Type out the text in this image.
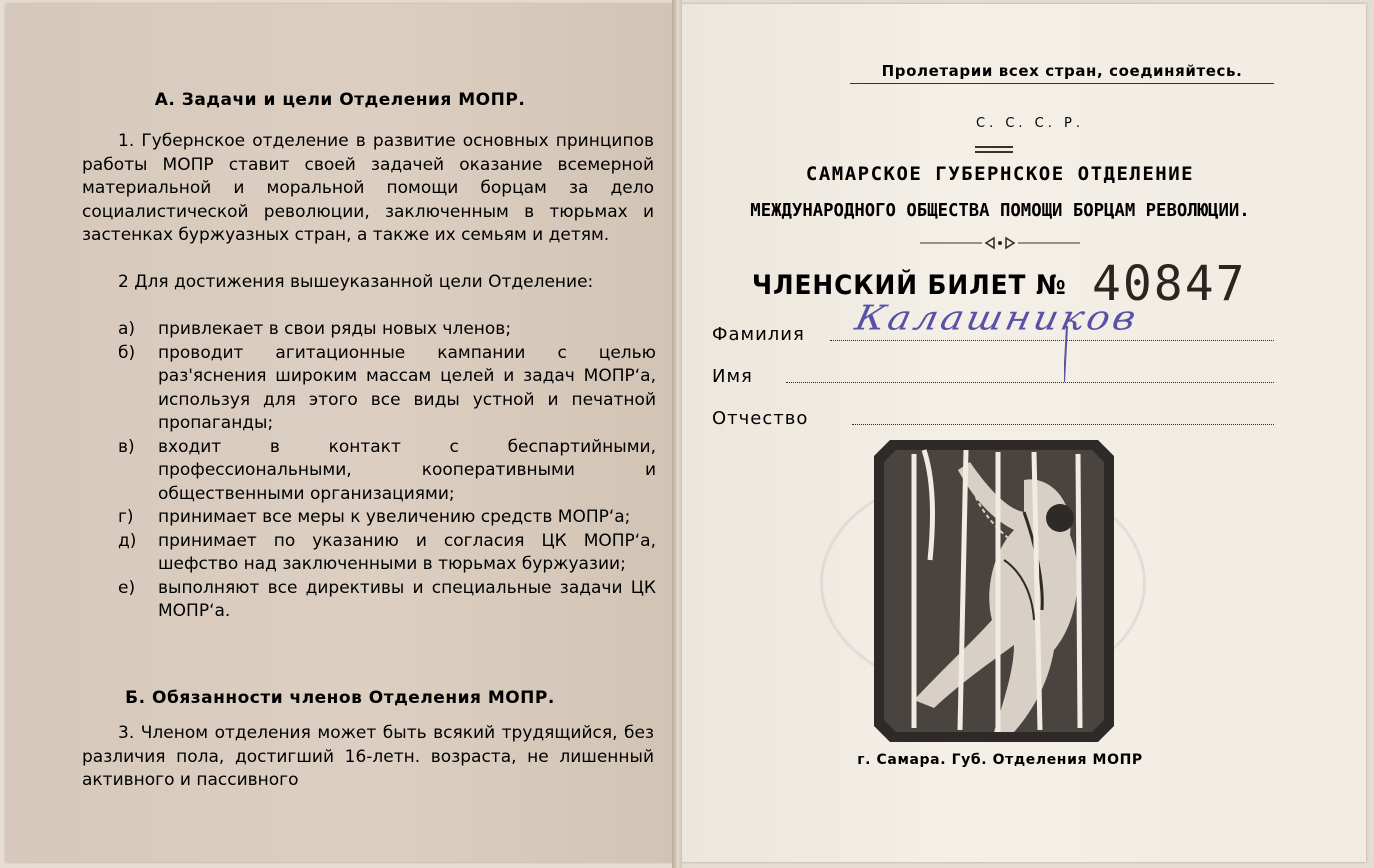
А. Задачи и цели Отделения МОПР.

1. Губернское отделение в развитие основных принципов работы МОПР ставит своей задачей оказание всемерной материальной и моральной помощи борцам за дело социалистической революции, заключенным в тюрьмах и застенках буржуазных стран, а также их семьям и детям.

2 Для достижения вышеуказанной цели Отделение:

а) привлекает в свои ряды новых членов;
б) проводит агитационные кампании с целью раз'яснения широким массам целей и задач МОПР‘а, используя для этого все виды устной и печатной пропаганды;
в) входит в контакт с беспартийными, профессиональными, кооперативными и общественными организациями;
г) принимает все меры к увеличению средств МОПР‘а;
д) принимает по указанию и согласия ЦК МОПР‘а, шефство над заключенными в тюрьмах буржуазии;
е) выполняют все директивы и специальные задачи ЦК МОПР‘а.
Б. Обязанности членов Отделения МОПР.

3. Членом отделения может быть всякий трудящийся, без различия пола, достигший 16-летн. возраста, не лишенный активного и пассивного

Пролетарии всех стран, соединяйтесь.
С. С. С. Р.
САМАРСКОЕ ГУБЕРНСКОЕ ОТДЕЛЕНИЕ
МЕЖДУНАРОДНОГО ОБЩЕСТВА ПОМОЩИ БОРЦАМ РЕВОЛЮЦИИ.
ЧЛЕНСКИЙ БИЛЕТ № 40847
Фамилия Калашников
Имя
Отчество
г. Самара. Губ. Отделения МОПР
